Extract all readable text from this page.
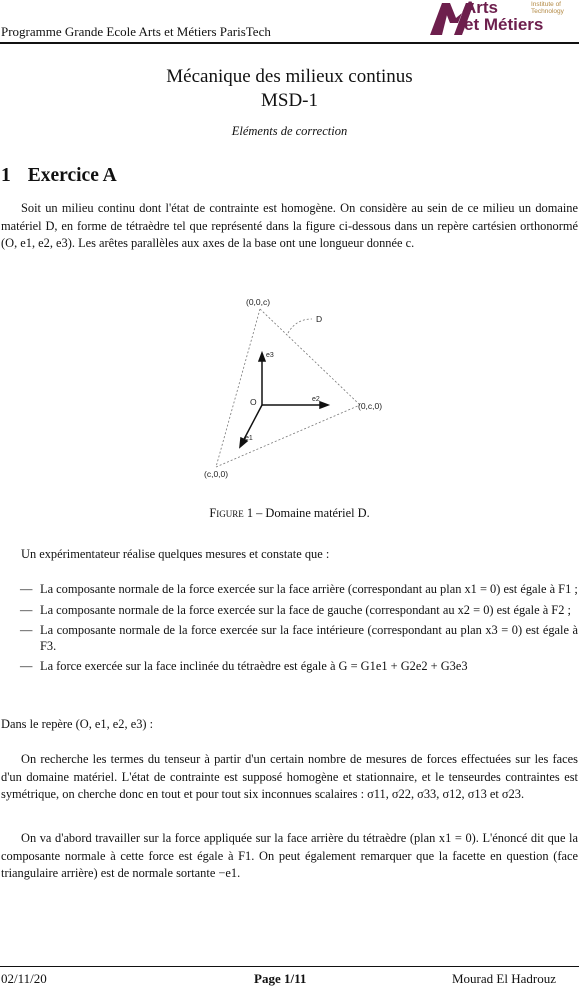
Programme Grande Ecole Arts et Métiers ParisTech
Arts	Institute of Technology
et Métiers
Mécanique des milieux continus
MSD-1
Eléments de correction
1 Exercice A
Soit un milieu continu dont l'état de contrainte est homogène. On considère au sein de ce milieu un domaine matériel D, en forme de tétraèdre tel que représenté dans la figure ci-dessous dans un repère cartésien orthonormé (O, e1, e2, e3). Les arêtes parallèles aux axes de la base ont une longueur donnée c.
(0,0,c)
D
e3
O	e2
(0,c,0)
e1
(c,0,0)
Figure 1 – Domaine matériel D.
Un expérimentateur réalise quelques mesures et constate que :
— La composante normale de la force exercée sur la face arrière (correspondant au plan x1 = 0) est égale à F1 ;
— La composante normale de la force exercée sur la face de gauche (correspondant au x2 = 0) est égale à F2 ;
— La composante normale de la force exercée sur la face intérieure (correspondant au plan x3 = 0) est égale à F3.
— La force exercée sur la face inclinée du tétraèdre est égale à G = G1e1 + G2e2 + G3e3
Dans le repère (O, e1, e2, e3) :
On recherche les termes du tenseur à partir d'un certain nombre de mesures de forces effectuées sur les faces d'un domaine matériel. L'état de contrainte est supposé homogène et stationnaire, et le tenseurdes contraintes est symétrique, on cherche donc en tout et pour tout six inconnues scalaires : σ11, σ22, σ33, σ12, σ13 et σ23.
On va d'abord travailler sur la force appliquée sur la face arrière du tétraèdre (plan x1 = 0). L'énoncé dit que la composante normale à cette force est égale à F1. On peut également remarquer que la facette en question (face triangulaire arrière) est de normale sortante −e1.
02/11/20	Page 1/11	Mourad El Hadrouz
